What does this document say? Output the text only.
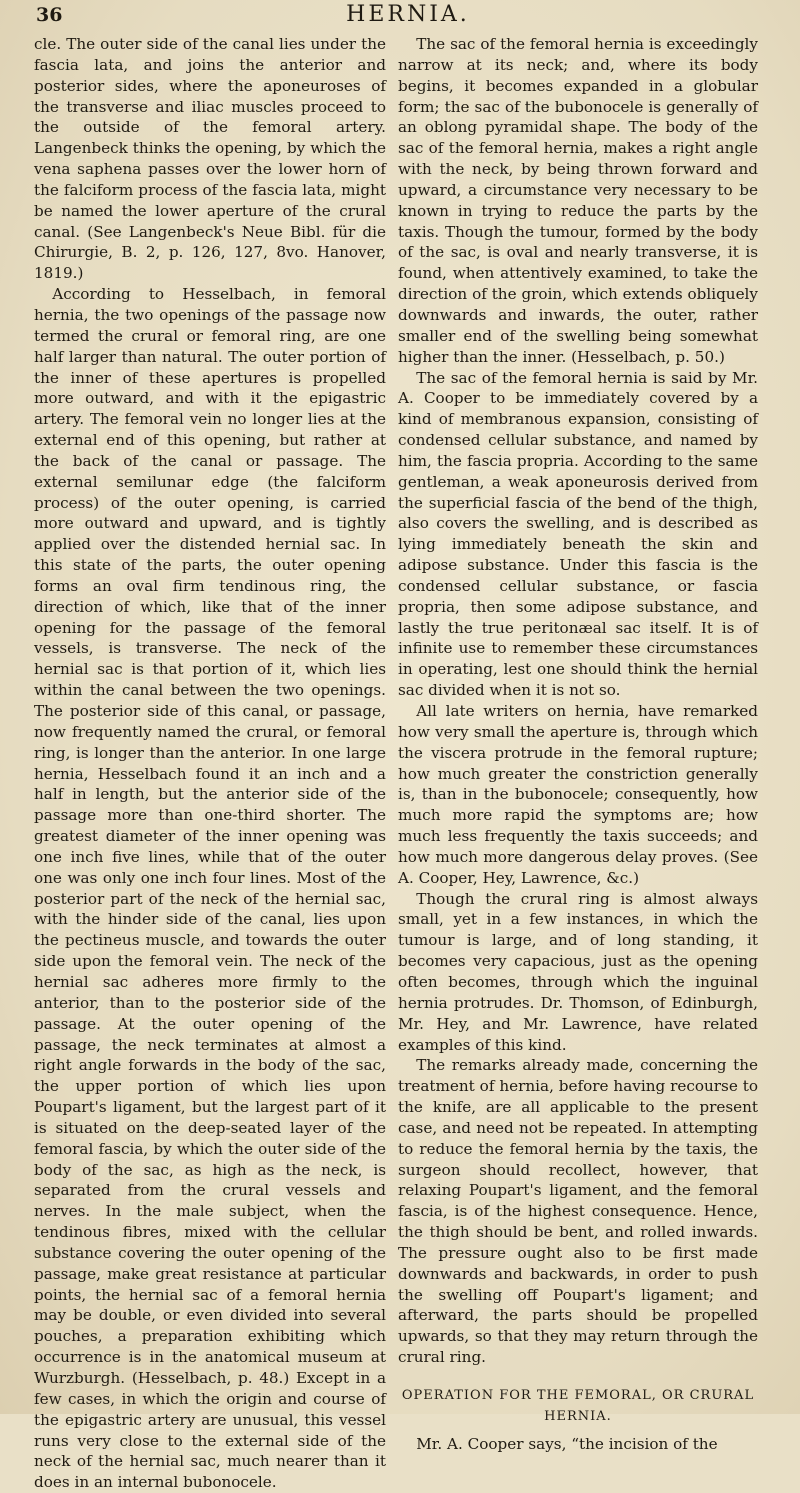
36	HERNIA.

cle. The outer side of the canal lies under the fascia lata, and joins the anterior and posterior sides, where the aponeuroses of the transverse and iliac muscles proceed to the outside of the femoral artery. Langenbeck thinks the opening, by which the vena saphena passes over the lower horn of the falciform process of the fascia lata, might be named the lower aperture of the crural canal. (See Langenbeck's Neue Bibl. für die Chirurgie, B. 2, p. 126, 127, 8vo. Hanover, 1819.)

According to Hesselbach, in femoral hernia, the two openings of the passage now termed the crural or femoral ring, are one half larger than natural. The outer portion of the inner of these apertures is propelled more outward, and with it the epigastric artery. The femoral vein no longer lies at the external end of this opening, but rather at the back of the canal or passage. The external semilunar edge (the falciform process) of the outer opening, is carried more outward and upward, and is tightly applied over the distended hernial sac. In this state of the parts, the outer opening forms an oval firm tendinous ring, the direction of which, like that of the inner opening for the passage of the femoral vessels, is transverse. The neck of the hernial sac is that portion of it, which lies within the canal between the two openings. The posterior side of this canal, or passage, now frequently named the crural, or femoral ring, is longer than the anterior. In one large hernia, Hesselbach found it an inch and a half in length, but the anterior side of the passage more than one-third shorter. The greatest diameter of the inner opening was one inch five lines, while that of the outer one was only one inch four lines. Most of the posterior part of the neck of the hernial sac, with the hinder side of the canal, lies upon the pectineus muscle, and towards the outer side upon the femoral vein. The neck of the hernial sac adheres more firmly to the anterior, than to the posterior side of the passage. At the outer opening of the passage, the neck terminates at almost a right angle forwards in the body of the sac, the upper portion of which lies upon Poupart's ligament, but the largest part of it is situated on the deep-seated layer of the femoral fascia, by which the outer side of the body of the sac, as high as the neck, is separated from the crural vessels and nerves. In the male subject, when the tendinous fibres, mixed with the cellular substance covering the outer opening of the passage, make great resistance at particular points, the hernial sac of a femoral hernia may be double, or even divided into several pouches, a preparation exhibiting which occurrence is in the anatomical museum at Wurzburgh. (Hesselbach, p. 48.) Except in a few cases, in which the origin and course of the epigastric artery are unusual, this vessel runs very close to the external side of the neck of the hernial sac, much nearer than it does in an internal bubonocele.

The sac of the femoral hernia is exceedingly narrow at its neck; and, where its body begins, it becomes expanded in a globular form; the sac of the bubonocele is generally of an oblong pyramidal shape. The body of the sac of the femoral hernia, makes a right angle with the neck, by being thrown forward and upward, a circumstance very necessary to be known in trying to reduce the parts by the taxis. Though the tumour, formed by the body of the sac, is oval and nearly transverse, it is found, when attentively examined, to take the direction of the groin, which extends obliquely downwards and inwards, the outer, rather smaller end of the swelling being somewhat higher than the inner. (Hesselbach, p. 50.)

The sac of the femoral hernia is said by Mr. A. Cooper to be immediately covered by a kind of membranous expansion, consisting of condensed cellular substance, and named by him, the fascia propria. According to the same gentleman, a weak aponeurosis derived from the superficial fascia of the bend of the thigh, also covers the swelling, and is described as lying immediately beneath the skin and adipose substance. Under this fascia is the condensed cellular substance, or fascia propria, then some adipose substance, and lastly the true peritonæal sac itself. It is of infinite use to remember these circumstances in operating, lest one should think the hernial sac divided when it is not so.

All late writers on hernia, have remarked how very small the aperture is, through which the viscera protrude in the femoral rupture; how much greater the constriction generally is, than in the bubonocele; consequently, how much more rapid the symptoms are; how much less frequently the taxis succeeds; and how much more dangerous delay proves. (See A. Cooper, Hey, Lawrence, &c.)

Though the crural ring is almost always small, yet in a few instances, in which the tumour is large, and of long standing, it becomes very capacious, just as the opening often becomes, through which the inguinal hernia protrudes. Dr. Thomson, of Edinburgh, Mr. Hey, and Mr. Lawrence, have related examples of this kind.

The remarks already made, concerning the treatment of hernia, before having recourse to the knife, are all applicable to the present case, and need not be repeated. In attempting to reduce the femoral hernia by the taxis, the surgeon should recollect, however, that relaxing Poupart's ligament, and the femoral fascia, is of the highest consequence. Hence, the thigh should be bent, and rolled inwards. The pressure ought also to be first made downwards and backwards, in order to push the swelling off Poupart's ligament; and afterward, the parts should be propelled upwards, so that they may return through the crural ring.

OPERATION FOR THE FEMORAL, OR CRURAL HERNIA.

Mr. A. Cooper says, “the incision of the
